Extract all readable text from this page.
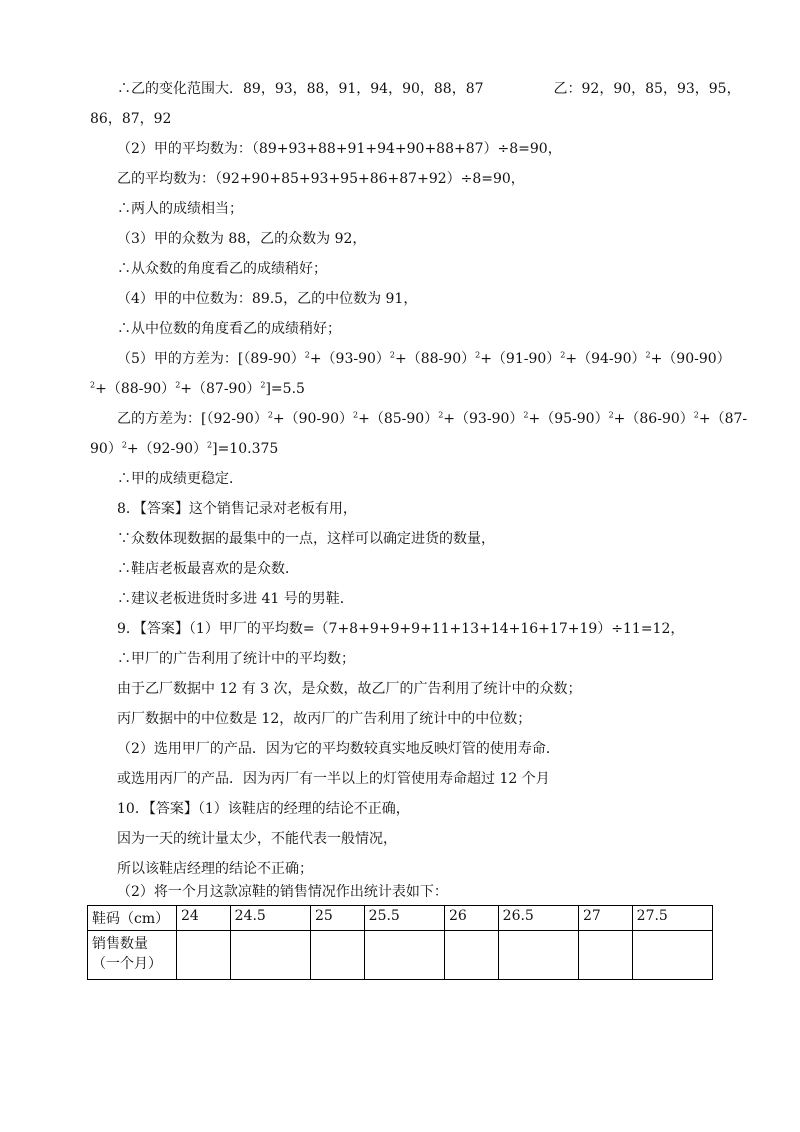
∴乙的变化范围大．89，93，88，91，94，90，88，87　　　　　乙：92，90，85，93，95，
86，87，92
（2）甲的平均数为：（89+93+88+91+94+90+88+87）÷8=90，
乙的平均数为：（92+90+85+93+95+86+87+92）÷8=90，
∴两人的成绩相当；
（3）甲的众数为 88，乙的众数为 92，
∴从众数的角度看乙的成绩稍好；
（4）甲的中位数为：89.5，乙的中位数为 91，
∴从中位数的角度看乙的成绩稍好；
（5）甲的方差为：[$(89-90)^2+(93-90)^2+(88-90)^2+(91-90)^2+(94-90)^2+(90-90)$
$^2+(88-90)^2+(87-90)^2]=5.5$
乙的方差为：[$(92-90)^2+(90-90)^2+(85-90)^2+(93-90)^2+(95-90)^2+(86-90)^2+(87-$
$90)^2+(92-90)^2]=10.375$
∴甲的成绩更稳定．
8．【答案】这个销售记录对老板有用，
∵众数体现数据的最集中的一点，这样可以确定进货的数量，
∴鞋店老板最喜欢的是众数．
∴建议老板进货时多进 41 号的男鞋．
9．【答案】（1）甲厂的平均数=（7+8+9+9+9+11+13+14+16+17+19）÷11=12，
∴甲厂的广告利用了统计中的平均数；
由于乙厂数据中 12 有 3 次，是众数，故乙厂的广告利用了统计中的众数；
丙厂数据中的中位数是 12，故丙厂的广告利用了统计中的中位数；
（2）选用甲厂的产品．因为它的平均数较真实地反映灯管的使用寿命．
或选用丙厂的产品．因为丙厂有一半以上的灯管使用寿命超过 12 个月
10．【答案】（1）该鞋店的经理的结论不正确，
因为一天的统计量太少，不能代表一般情况，
所以该鞋店经理的结论不正确；
（2）将一个月这款凉鞋的销售情况作出统计表如下：
鞋码（cm）	24	24.5	25	25.5	26	26.5	27	27.5

销售数量
（一个月）								
